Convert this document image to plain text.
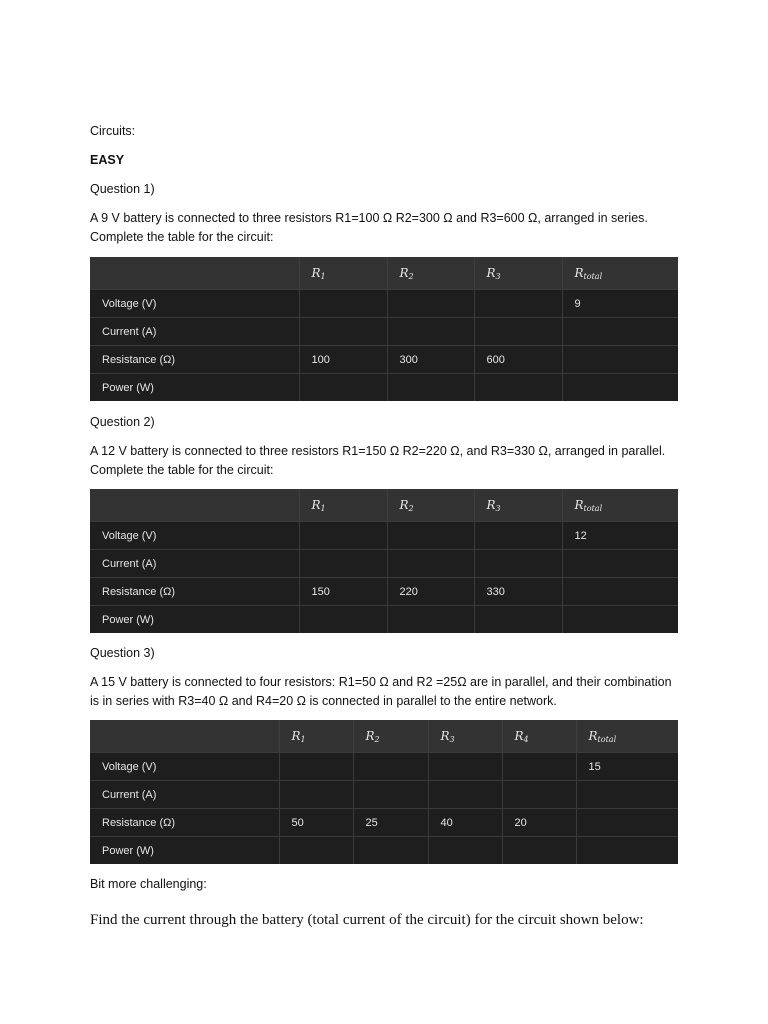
Circuits:

EASY

Question 1)

A 9 V battery is connected to three resistors R1=100 Ω R2=300 Ω and R3=600 Ω, arranged in series. Complete the table for the circuit:

	$R_1$	$R_2$	$R_3$	$R_{total}$
Voltage (V)				9
Current (A)				
Resistance (Ω)	100	300	600	
Power (W)				

Question 2)

A 12 V battery is connected to three resistors R1=150 Ω R2=220 Ω, and R3=330 Ω, arranged in parallel. Complete the table for the circuit:

	$R_1$	$R_2$	$R_3$	$R_{total}$
Voltage (V)				12
Current (A)				
Resistance (Ω)	150	220	330	
Power (W)				

Question 3)

A 15 V battery is connected to four resistors: R1=50 Ω and R2 =25Ω are in parallel, and their combination is in series with R3=40 Ω and R4=20 Ω is connected in parallel to the entire network.

	$R_1$	$R_2$	$R_3$	$R_4$	$R_{total}$
Voltage (V)					15
Current (A)					
Resistance (Ω)	50	25	40	20	
Power (W)					

Bit more challenging:

Find the current through the battery (total current of the circuit) for the circuit shown below:
